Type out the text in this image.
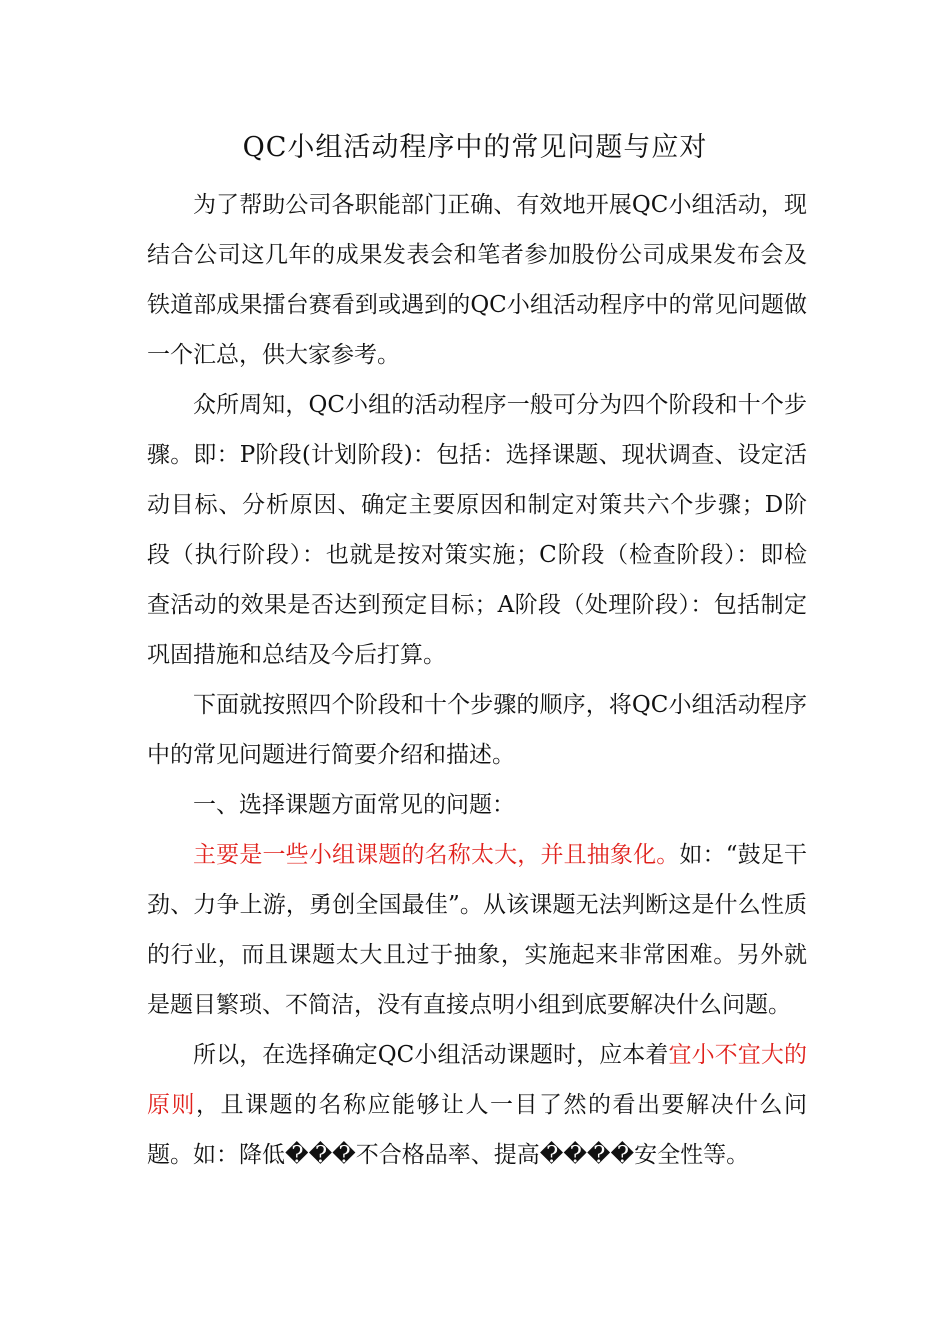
QC小组活动程序中的常见问题与应对

为了帮助公司各职能部门正确、有效地开展QC小组活动，现结合公司这几年的成果发表会和笔者参加股份公司成果发布会及铁道部成果擂台赛看到或遇到的QC小组活动程序中的常见问题做一个汇总，供大家参考。

众所周知，QC小组的活动程序一般可分为四个阶段和十个步骤。即：P阶段(计划阶段)：包括：选择课题、现状调查、设定活动目标、分析原因、确定主要原因和制定对策共六个步骤；D阶段（执行阶段）：也就是按对策实施；C阶段（检查阶段）：即检查活动的效果是否达到预定目标；A阶段（处理阶段）：包括制定巩固措施和总结及今后打算。

下面就按照四个阶段和十个步骤的顺序，将QC小组活动程序中的常见问题进行简要介绍和描述。

一、选择课题方面常见的问题：

主要是一些小组课题的名称太大，并且抽象化。如：“鼓足干劲、力争上游，勇创全国最佳”。从该课题无法判断这是什么性质的行业，而且课题太大且过于抽象，实施起来非常困难。另外就是题目繁琐、不简洁，没有直接点明小组到底要解决什么问题。

所以，在选择确定QC小组活动课题时，应本着宜小不宜大的原则，且课题的名称应能够让人一目了然的看出要解决什么问题。如：降低���不合格品率、提高����安全性等。
